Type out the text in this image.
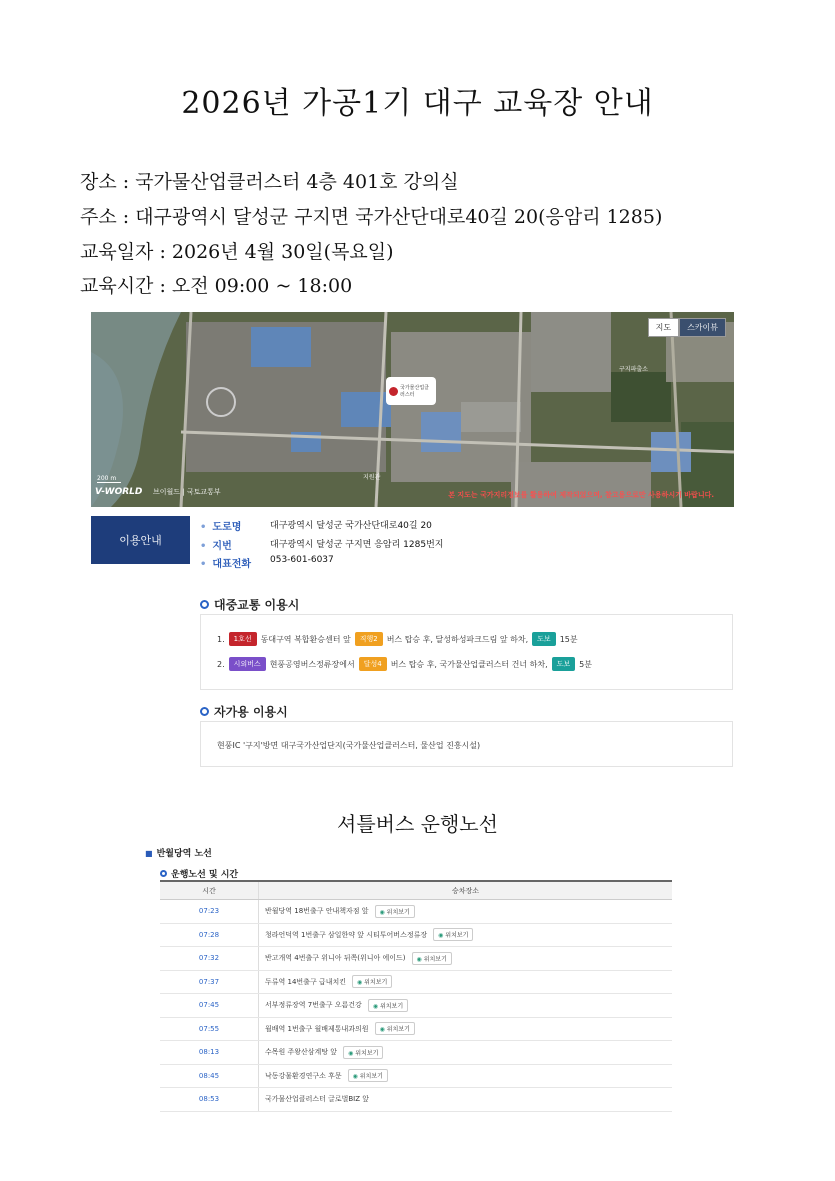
2026년 가공1기 대구 교육장 안내
장소 : 국가물산업클러스터 4층 401호 강의실
주소 : 대구광역시 달성군 구지면 국가산단대로40길 20(응암리 1285)
교육일자 : 2026년 4월 30일(목요일)
교육시간 : 오전 09:00 ~ 18:00
지도	스카이뷰
국가물산업클러스터
지원관
구지파출소
200 m
V-WORLD 브이월드 | 국토교통부	본 지도는 국가지리정보를 활용하여 제작되었으며, 참고용으로만 사용하시기 바랍니다.
이용안내
• 도로명	대구광역시 달성군 국가산단대로40길 20
• 지번	대구광역시 달성군 구지면 응암리 1285번지
• 대표전화	053-601-6037
대중교통 이용시
1.	1호선	동대구역 복합환승센터 앞	직행2	버스 탑승 후, 달성하성파크드림 앞 하차,	도보	15분
2.	시외버스	현풍공영버스정류장에서	달성4	버스 탑승 후, 국가물산업클러스터 건너 하차,	도보	5분
자가용 이용시
현풍IC '구지'방면 대구국가산업단지(국가물산업클러스터, 물산업 진흥시설)
셔틀버스 운행노선
■ 반월당역 노선
운행노선 및 시간
시간	승차장소
07:23	반월당역 18번출구 안내책자점 앞	◉ 위치보기
07:28	청라언덕역 1번출구 삼일한약 앞 시티투어버스정류장	◉ 위치보기
07:32	반고개역 4번출구 위니아 뒤쪽(위니아 에이드)	◉ 위치보기
07:37	두류역 14번출구 급내치킨	◉ 위치보기
07:45	서부정류장역 7번출구 오름건강	◉ 위치보기
07:55	월배역 1번출구 월배제통내과의원	◉ 위치보기
08:13	수목원 주왕산삼계탕 앞	◉ 위치보기
08:45	낙동강물환경연구소 후문	◉ 위치보기
08:53	국가물산업클러스터 글로벌BIZ 앞
